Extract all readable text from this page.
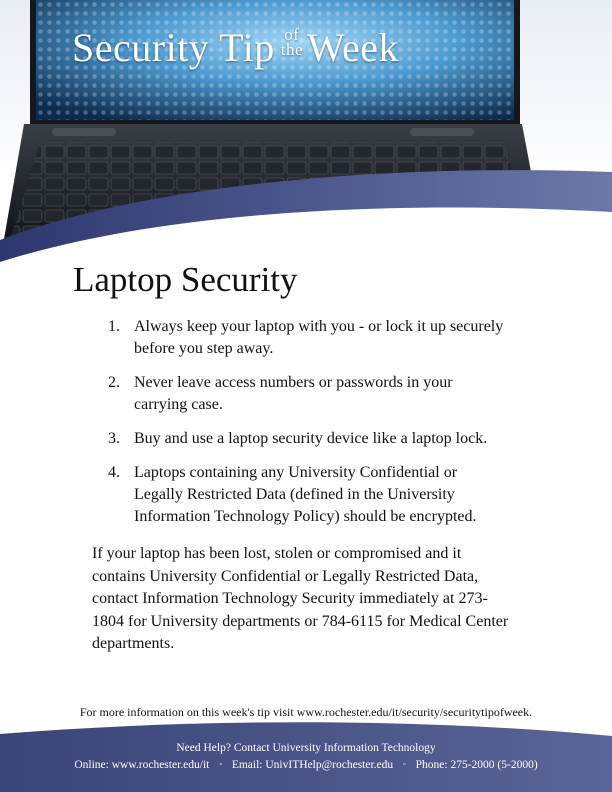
Security Tip of
the Week
Laptop Security
1. Always keep your laptop with you - or lock it up securely before you step away.
2. Never leave access numbers or passwords in your carrying case.
3. Buy and use a laptop security device like a laptop lock.
4. Laptops containing any University Confidential or Legally Restricted Data (defined in the University Information Technology Policy) should be encrypted.

If your laptop has been lost, stolen or compromised and it contains University Confidential or Legally Restricted Data, contact Information Technology Security immediately at 273-1804 for University departments or 784-6115 for Medical Center departments.

For more information on this week's tip visit www.rochester.edu/it/security/securitytipofweek.
Need Help? Contact University Information Technology
Online: www.rochester.edu/it ▫ Email: UnivITHelp@rochester.edu ▫ Phone: 275-2000 (5-2000)
